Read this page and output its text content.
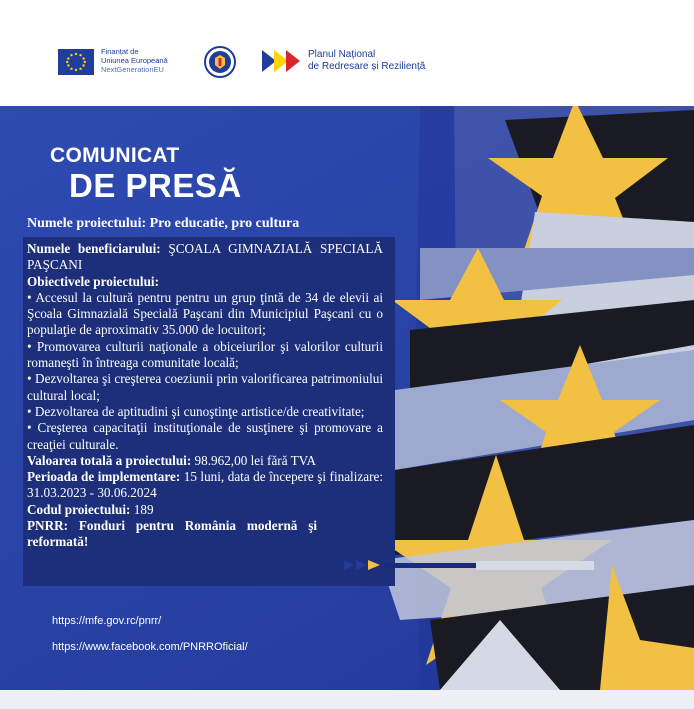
Finanțat de
Uniunea Europeană
NextGenerationEU
Planul Național
de Redresare și Reziliență
COMUNICAT
DE PRESĂ
Numele proiectului: Pro educatie, pro cultura

Numele beneficiarului: ŞCOALA GIMNAZIALĂ SPECIALĂ PAŞCANI

Obiectivele proiectului:

• Accesul la cultură pentru pentru un grup ţintă de 34 de elevii ai Şcoala Gimnazială Specială Paşcani din Municipiul Paşcani cu o populaţie de aproximativ 35.000 de locuitori;

• Promovarea culturii naţionale a obiceiurilor şi valorilor culturii romaneşti în întreaga comunitate locală;

• Dezvoltarea şi creşterea coeziunii prin valorificarea patrimoniului cultural local;

• Dezvoltarea de aptitudini şi cunoştinţe artistice/de creativitate;

• Creşterea capacitaţii instituţionale de susţinere şi promovare a creaţiei culturale.

Valoarea totală a proiectului: 98.962,00 lei fără TVA

Perioada de implementare: 15 luni, data de începere şi finalizare: 31.03.2023 - 30.06.2024

Codul proiectului: 189

PNRR: Fonduri pentru România modernă şi reformată!

https://mfe.gov.rc/pnrr/
https://www.facebook.com/PNRROficial/
